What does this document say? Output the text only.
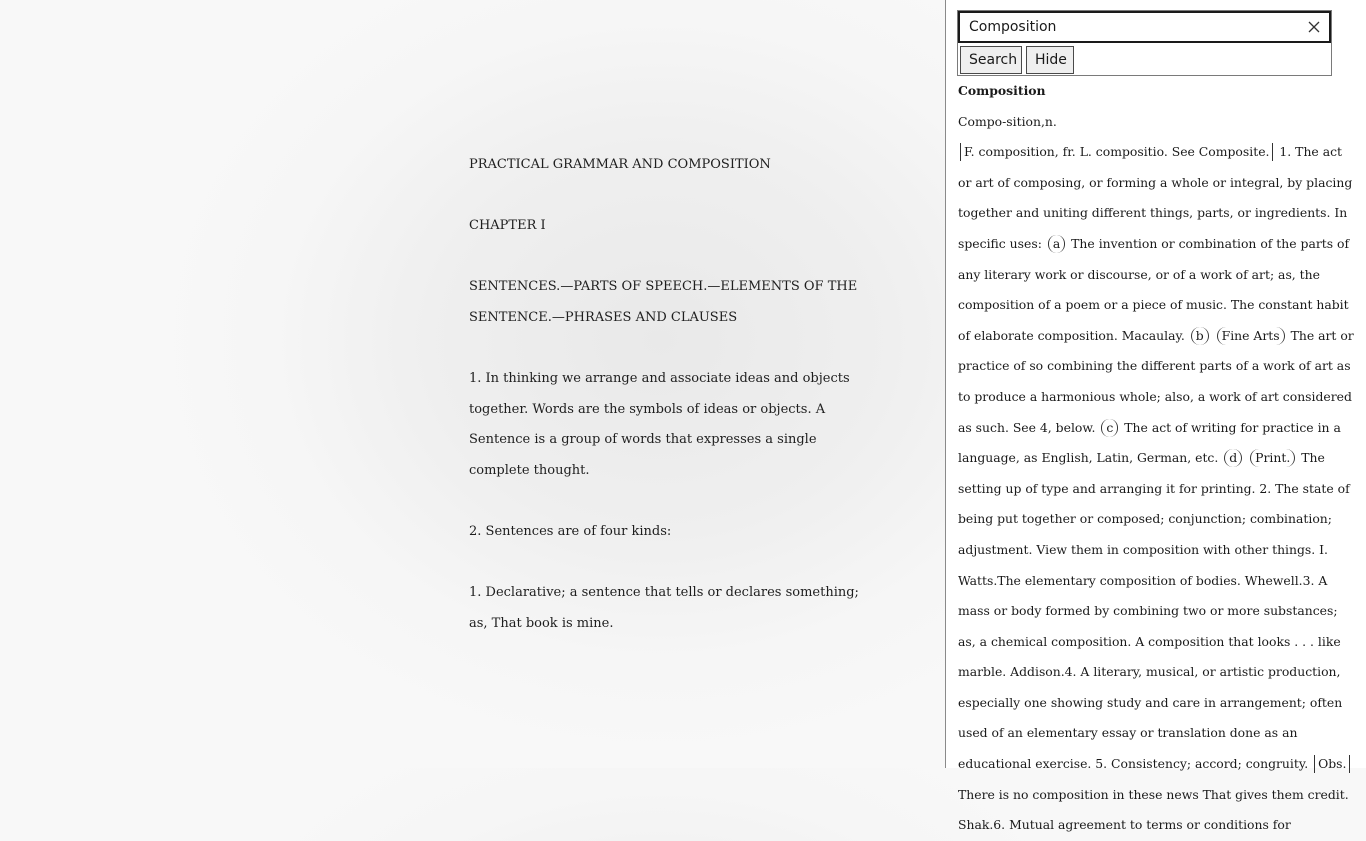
PRACTICAL GRAMMAR AND COMPOSITION

CHAPTER I

SENTENCES.—PARTS OF SPEECH.—ELEMENTS OF THE SENTENCE.—PHRASES AND CLAUSES

1. In thinking we arrange and associate ideas and objects together. Words are the symbols of ideas or objects. A Sentence is a group of words that expresses a single complete thought.

2. Sentences are of four kinds:

1. Declarative; a sentence that tells or declares something; as, That book is mine.

Composition
Search	Hide

Composition

Compo-sition,n. F. composition, fr. L. compositio. See Composite. 1. The act or art of composing, or forming a whole or integral, by placing together and uniting different things, parts, or ingredients. In specific uses: a The invention or combination of the parts of any literary work or discourse, or of a work of art; as, the composition of a poem or a piece of music. The constant habit of elaborate composition. Macaulay. b Fine Arts The art or practice of so combining the different parts of a work of art as to produce a harmonious whole; also, a work of art considered as such. See 4, below. c The act of writing for practice in a language, as English, Latin, German, etc. d Print. The setting up of type and arranging it for printing. 2. The state of being put together or composed; conjunction; combination; adjustment. View them in composition with other things. I. Watts.The elementary composition of bodies. Whewell.3. A mass or body formed by combining two or more substances; as, a chemical composition. A composition that looks . . . like marble. Addison.4. A literary, musical, or artistic production, especially one showing study and care in arrangement; often used of an elementary essay or translation done as an educational exercise. 5. Consistency; accord; congruity. Obs. There is no composition in these news That gives them credit. Shak.6. Mutual agreement to terms or conditions for
